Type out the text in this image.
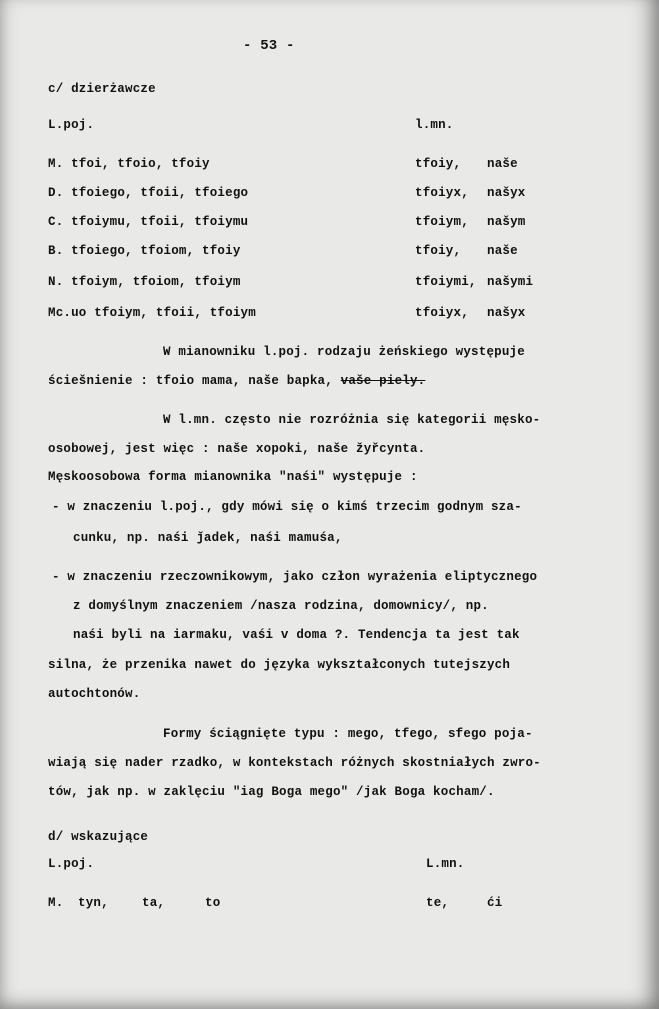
- 53 -
c/ dzierżawcze
L.poj.	l.mn.
M. tfoi, tfoio, tfoiy	tfoiy, naše
D. tfoiego, tfoii, tfoiego	tfoiyx, našyx
C. tfoiymu, tfoii, tfoiymu	tfoiym, našym
B. tfoiego, tfoiom, tfoiy	tfoiy, naše
N. tfoiym, tfoiom, tfoiym	tfoiymi, našymi
Mc.uo tfoiym, tfoii, tfoiym	tfoiyx, našyx
W mianowniku l.poj. rodzaju żeńskiego występuje
ściešnienie : tfoio mama, naše bapka, vaše piely.
W l.mn. często nie rozróżnia się kategorii męsko-
osobowej, jest więc : naše xopoki, naše žyřcynta.
Męskoosobowa forma mianownika "naśi" występuje :
- w znaczeniu l.poj., gdy mówi się o kimś trzecim godnym sza-
cunku, np. naśi ǰadek, naśi mamuśa,
- w znaczeniu rzeczownikowym, jako człon wyrażenia eliptycznego
z domyślnym znaczeniem /nasza rodzina, domownicy/, np.
naśi byli na iarmaku, vaśi v doma ?. Tendencja ta jest tak
silna, że przenika nawet do języka wykształconych tutejszych
autochtonów.
Formy ściągnięte typu : mego, tfego, sfego poja-
wiają się nader rzadko, w kontekstach różnych skostniałych zwro-
tów, jak np. w zaklęciu "iag Boga mego" /jak Boga kocham/.
d/ wskazujące
L.poj.	L.mn.
M. tyn,	ta,	to	te,	ći
